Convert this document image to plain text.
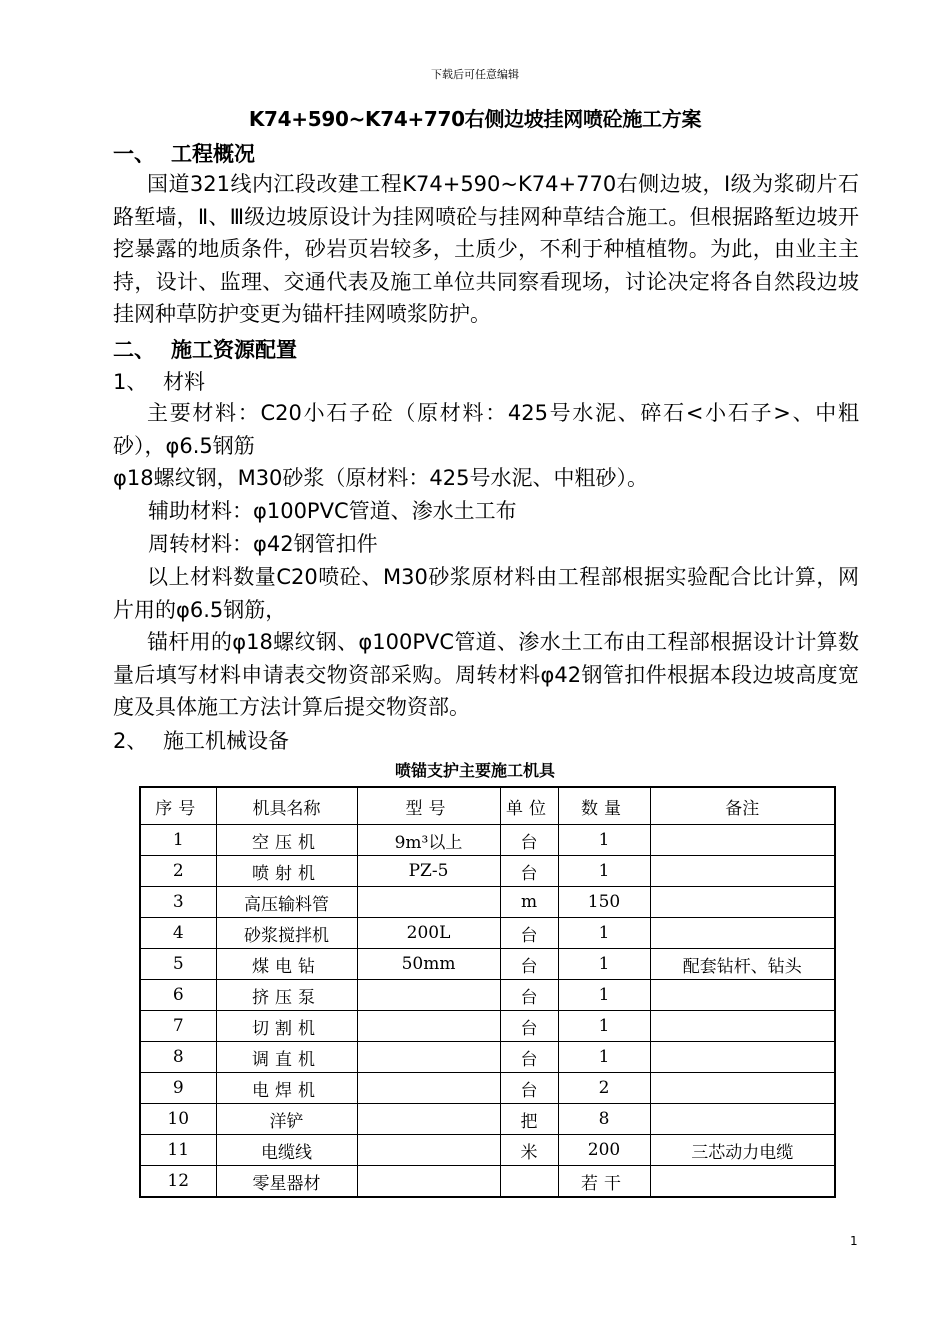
下载后可任意编辑
K74+590~K74+770右侧边坡挂网喷砼施工方案
一、 工程概况
国道321线内江段改建工程K74+590~K74+770右侧边坡，Ⅰ级为浆砌片石路堑墙，Ⅱ、Ⅲ级边坡原设计为挂网喷砼与挂网种草结合施工。但根据路堑边坡开挖暴露的地质条件，砂岩页岩较多，土质少，不利于种植植物。为此，由业主主持，设计、监理、交通代表及施工单位共同察看现场，讨论决定将各自然段边坡挂网种草防护变更为锚杆挂网喷浆防护。
二、 施工资源配置
1、 材料
主要材料：C20小石子砼（原材料：425号水泥、碎石<小石子>、中粗砂），φ6.5钢筋
φ18螺纹钢，M30砂浆（原材料：425号水泥、中粗砂）。
辅助材料：φ100PVC管道、渗水土工布
周转材料：φ42钢管扣件
以上材料数量C20喷砼、M30砂浆原材料由工程部根据实验配合比计算，网片用的φ6.5钢筋，
锚杆用的φ18螺纹钢、φ100PVC管道、渗水土工布由工程部根据设计计算数量后填写材料申请表交物资部采购。周转材料φ42钢管扣件根据本段边坡高度宽度及具体施工方法计算后提交物资部。
2、 施工机械设备
喷锚支护主要施工机具
序号	机具名称	型号	单位	数量	备注
1	空压机	9m³以上	台	1	
2	喷射机	PZ-5	台	1	
3	高压输料管		m	150	
4	砂浆搅拌机	200L	台	1	
5	煤电钻	50mm	台	1	配套钻杆、钻头
6	挤压泵		台	1	
7	切割机		台	1	
8	调直机		台	1	
9	电焊机		台	2	
10	洋铲		把	8	
11	电缆线		米	200	三芯动力电缆
12	零星器材			若干	
1
